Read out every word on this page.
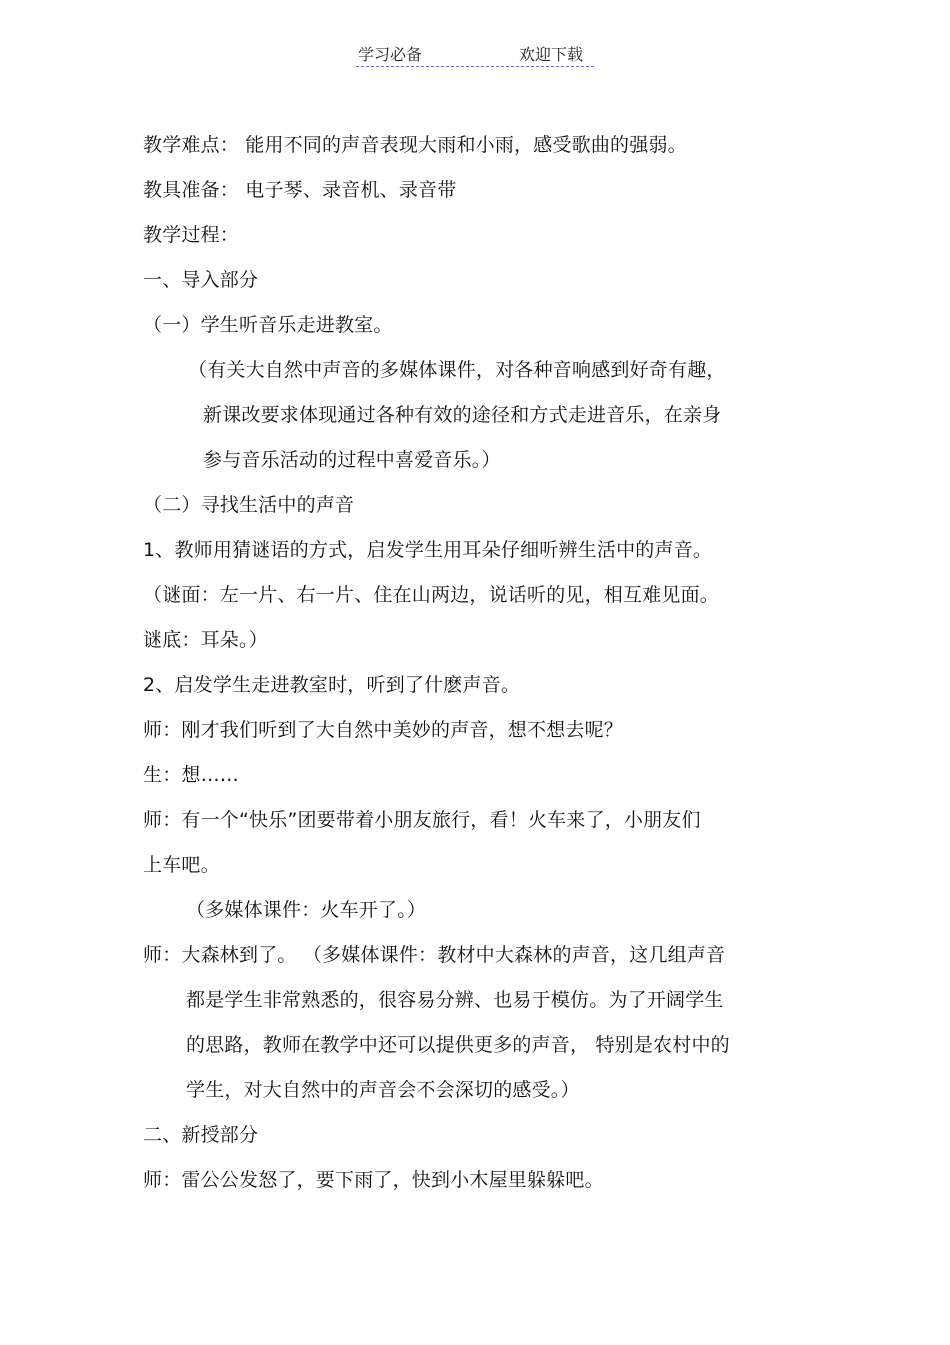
学习必备	欢迎下载
教学难点： 能用不同的声音表现大雨和小雨，感受歌曲的强弱。
教具准备： 电子琴、录音机、录音带
教学过程：
一、导入部分
（一）学生听音乐走进教室。
（有关大自然中声音的多媒体课件，对各种音响感到好奇有趣，
新课改要求体现通过各种有效的途径和方式走进音乐，在亲身
参与音乐活动的过程中喜爱音乐。）
（二）寻找生活中的声音
1、教师用猜谜语的方式，启发学生用耳朵仔细听辨生活中的声音。
（谜面：左一片、右一片、住在山两边，说话听的见，相互难见面。
谜底：耳朵。）
2、启发学生走进教室时，听到了什麽声音。
师：刚才我们听到了大自然中美妙的声音，想不想去呢？
生：想……
师：有一个“快乐”团要带着小朋友旅行，看！火车来了，小朋友们
上车吧。
（多媒体课件：火车开了。）
师：大森林到了。 （多媒体课件：教材中大森林的声音，这几组声音
都是学生非常熟悉的，很容易分辨、也易于模仿。为了开阔学生
的思路，教师在教学中还可以提供更多的声音， 特别是农村中的
学生，对大自然中的声音会不会深切的感受。）
二、新授部分
师：雷公公发怒了，要下雨了，快到小木屋里躲躲吧。
